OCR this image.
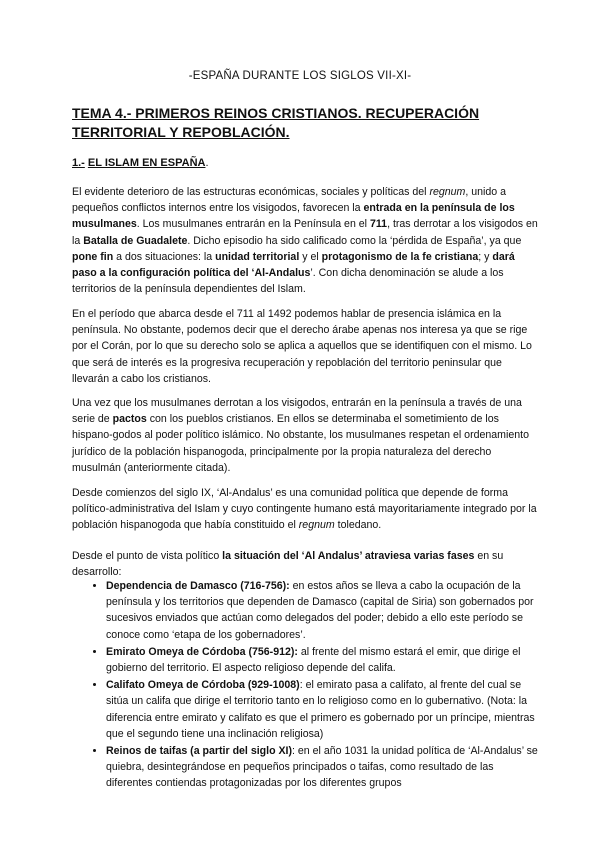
-ESPAÑA DURANTE LOS SIGLOS VII-XI-
TEMA 4.- PRIMEROS REINOS CRISTIANOS. RECUPERACIÓN TERRITORIAL Y REPOBLACIÓN.
1.- EL ISLAM EN ESPAÑA.
El evidente deterioro de las estructuras económicas, sociales y políticas del regnum, unido a pequeños conflictos internos entre los visigodos, favorecen la entrada en la península de los musulmanes. Los musulmanes entrarán en la Península en el 711, tras derrotar a los visigodos en la Batalla de Guadalete. Dicho episodio ha sido calificado como la ‘pérdida de España’, ya que pone fin a dos situaciones: la unidad territorial y el protagonismo de la fe cristiana; y dará paso a la configuración política del ‘Al-Andalus’. Con dicha denominación se alude a los territorios de la península dependientes del Islam.
En el período que abarca desde el 711 al 1492 podemos hablar de presencia islámica en la península. No obstante, podemos decir que el derecho árabe apenas nos interesa ya que se rige por el Corán, por lo que su derecho solo se aplica a aquellos que se identifiquen con el mismo. Lo que será de interés es la progresiva recuperación y repoblación del territorio peninsular que llevarán a cabo los cristianos.
Una vez que los musulmanes derrotan a los visigodos, entrarán en la península a través de una serie de pactos con los pueblos cristianos. En ellos se determinaba el sometimiento de los hispano-godos al poder político islámico. No obstante, los musulmanes respetan el ordenamiento jurídico de la población hispanogoda, principalmente por la propia naturaleza del derecho musulmán (anteriormente citada).
Desde comienzos del siglo IX, ‘Al-Andalus’ es una comunidad política que depende de forma político-administrativa del Islam y cuyo contingente humano está mayoritariamente integrado por la población hispanogoda que había constituido el regnum toledano.
Desde el punto de vista político la situación del ‘Al Andalus’ atraviesa varias fases en su desarrollo:
• Dependencia de Damasco (716-756): en estos años se lleva a cabo la ocupación de la península y los territorios que dependen de Damasco (capital de Siria) son gobernados por sucesivos enviados que actúan como delegados del poder; debido a ello este período se conoce como ‘etapa de los gobernadores’.
• Emirato Omeya de Córdoba (756-912): al frente del mismo estará el emir, que dirige el gobierno del territorio. El aspecto religioso depende del califa.
• Califato Omeya de Córdoba (929-1008): el emirato pasa a califato, al frente del cual se sitúa un califa que dirige el territorio tanto en lo religioso como en lo gubernativo. (Nota: la diferencia entre emirato y califato es que el primero es gobernado por un príncipe, mientras que el segundo tiene una inclinación religiosa)
• Reinos de taifas (a partir del siglo XI): en el año 1031 la unidad política de ‘Al-Andalus’ se quiebra, desintegrándose en pequeños principados o taifas, como resultado de las diferentes contiendas protagonizadas por los diferentes grupos
